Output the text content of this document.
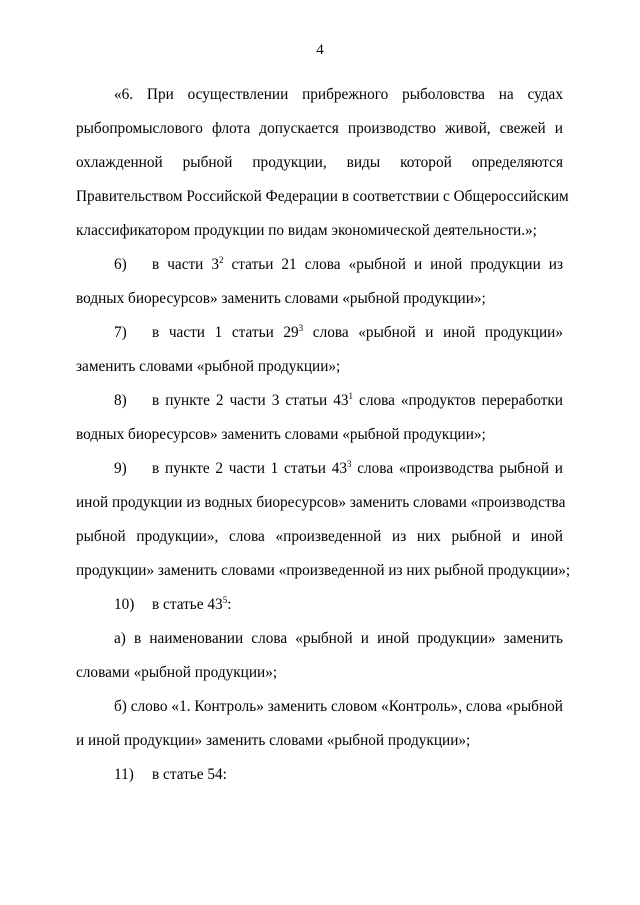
4
«6. При осуществлении прибрежного рыболовства на судах
рыбопромыслового флота допускается производство живой, свежей и
охлажденной рыбной продукции, виды которой определяются
Правительством Российской Федерации в соответствии с Общероссийским
классификатором продукции по видам экономической деятельности.»;
6) в части $3^2$ статьи 21 слова «рыбной и иной продукции из
водных биоресурсов» заменить словами «рыбной продукции»;
7) в части 1 статьи $29^3$ слова «рыбной и иной продукции»
заменить словами «рыбной продукции»;
8) в пункте 2 части 3 статьи $43^1$ слова «продуктов переработки
водных биоресурсов» заменить словами «рыбной продукции»;
9) в пункте 2 части 1 статьи $43^3$ слова «производства рыбной и
иной продукции из водных биоресурсов» заменить словами «производства
рыбной продукции», слова «произведенной из них рыбной и иной
продукции» заменить словами «произведенной из них рыбной продукции»;
10) в статье $43^5$:
а) в наименовании слова «рыбной и иной продукции» заменить
словами «рыбной продукции»;
б) слово «1. Контроль» заменить словом «Контроль», слова «рыбной
и иной продукции» заменить словами «рыбной продукции»;
11) в статье 54:
